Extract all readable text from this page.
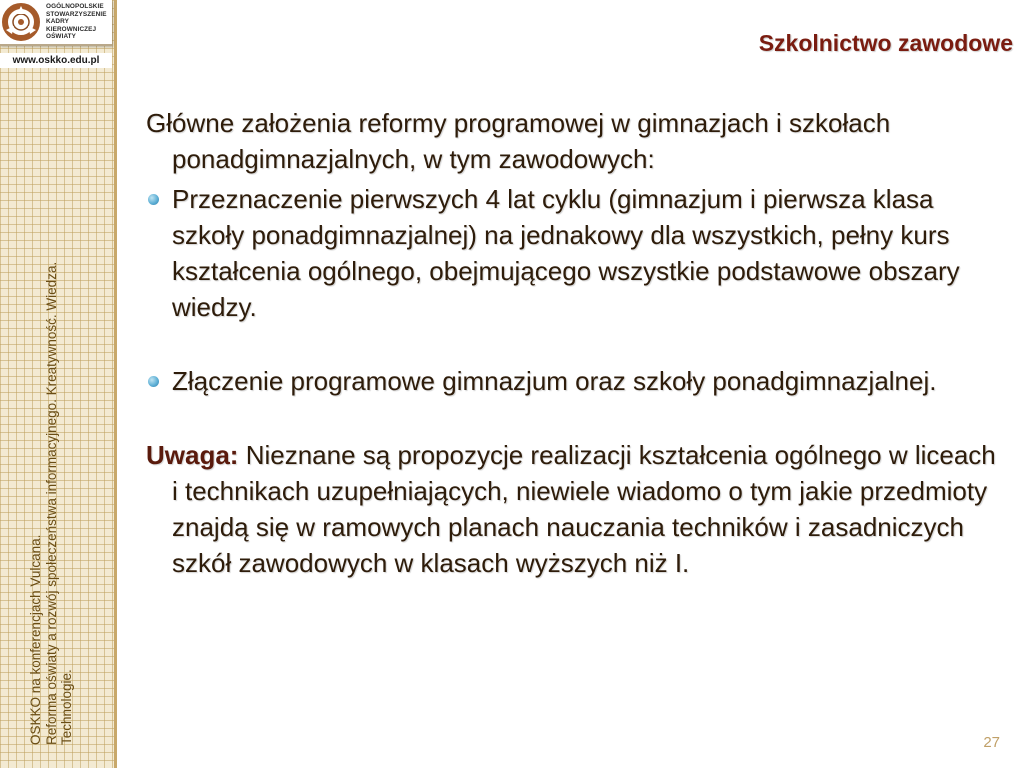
OGÓLNOPOLSKIE
STOWARZYSZENIE
KADRY
KIEROWNICZEJ
OŚWIATY
www.oskko.edu.pl
OSKKO na konferencjach Vulcana. Reforma oświaty a rozwój społeczeństwa informacyjnego. Kreatywność. Wiedza. Technologie.
Szkolnictwo zawodowe

Główne założenia reformy programowej w gimnazjach i szkołach ponadgimnazjalnych, w tym zawodowych:

Przeznaczenie pierwszych 4 lat cyklu (gimnazjum i pierwsza klasa szkoły ponadgimnazjalnej) na jednakowy dla wszystkich, pełny kurs kształcenia ogólnego, obejmującego wszystkie podstawowe obszary wiedzy.
Złączenie programowe gimnazjum oraz szkoły ponadgimnazjalnej.

Uwaga: Nieznane są propozycje realizacji kształcenia ogólnego w liceach i technikach uzupełniających, niewiele wiadomo o tym jakie przedmioty znajdą się w ramowych planach nauczania techników i zasadniczych szkół zawodowych w klasach wyższych niż I.

27
